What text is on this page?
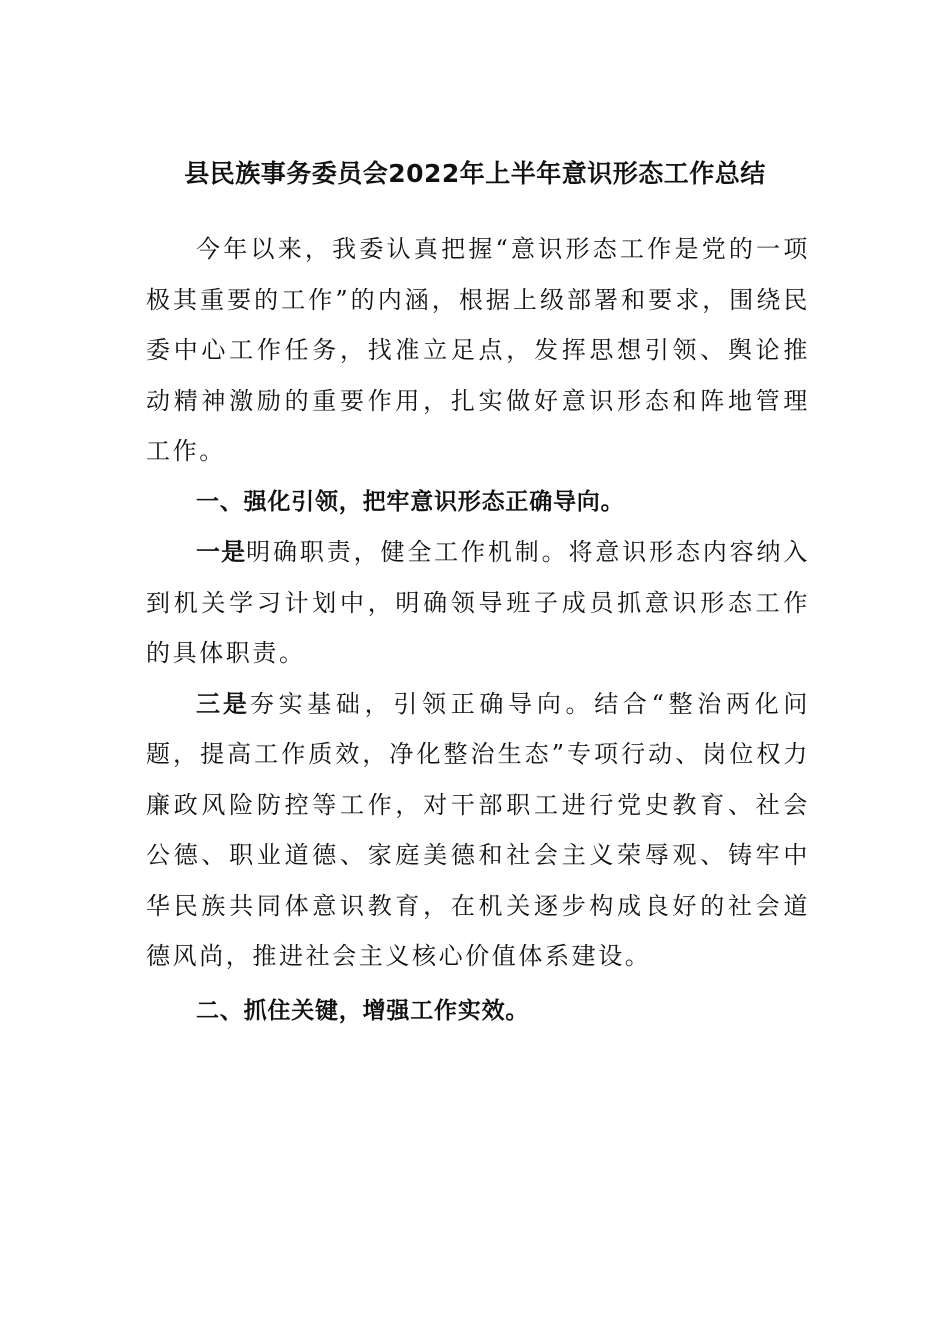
县民族事务委员会2022年上半年意识形态工作总结

今年以来，我委认真把握“意识形态工作是党的一项极其重要的工作”的内涵，根据上级部署和要求，围绕民委中心工作任务，找准立足点，发挥思想引领、舆论推动精神激励的重要作用，扎实做好意识形态和阵地管理工作。

一、强化引领，把牢意识形态正确导向。

一是明确职责，健全工作机制。将意识形态内容纳入到机关学习计划中，明确领导班子成员抓意识形态工作的具体职责。

三是夯实基础，引领正确导向。结合“整治两化问题，提高工作质效，净化整治生态”专项行动、岗位权力廉政风险防控等工作，对干部职工进行党史教育、社会公德、职业道德、家庭美德和社会主义荣辱观、铸牢中华民族共同体意识教育，在机关逐步构成良好的社会道德风尚，推进社会主义核心价值体系建设。

二、抓住关键，增强工作实效。
